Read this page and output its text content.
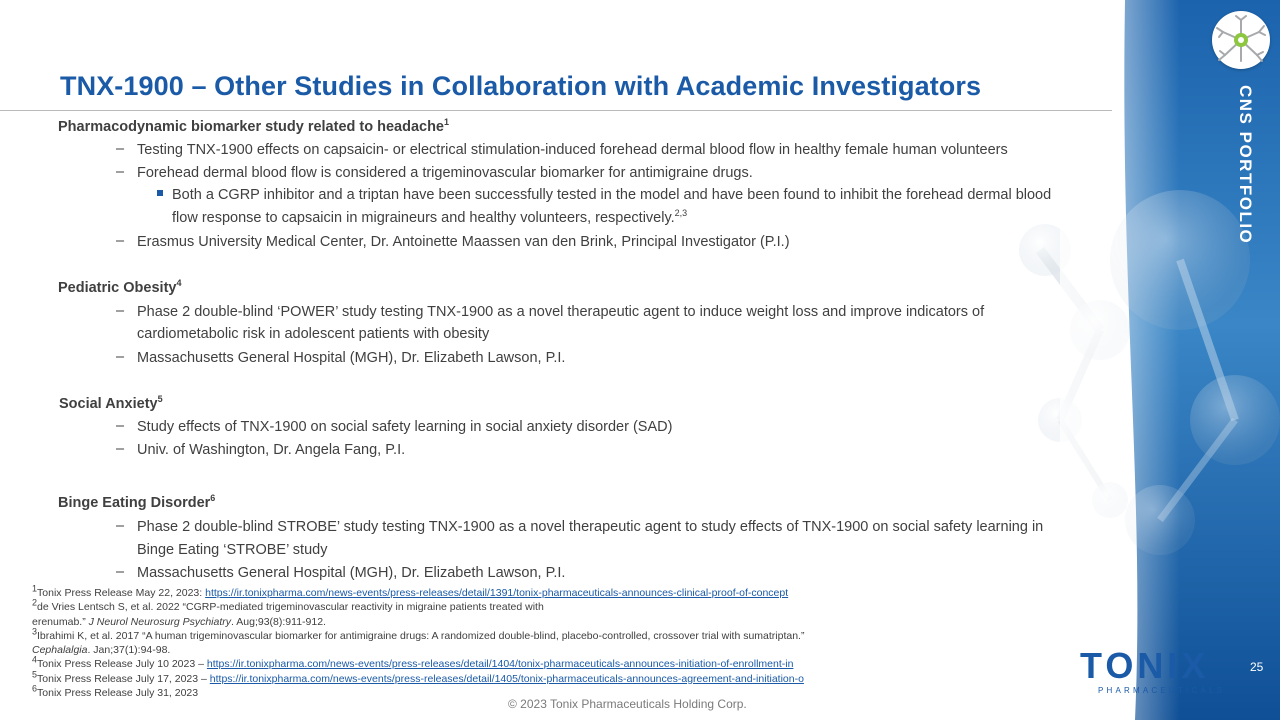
TNX-1900 – Other Studies in Collaboration with Academic Investigators	CNS PORTFOLIO
Pharmacodynamic biomarker study related to headache$^1$
– Testing TNX-1900 effects on capsaicin- or electrical stimulation-induced forehead dermal blood flow in healthy female human volunteers
– Forehead dermal blood flow is considered a trigeminovascular biomarker for antimigraine drugs.
Both a CGRP inhibitor and a triptan have been successfully tested in the model and have been found to inhibit the forehead dermal blood
flow response to capsaicin in migraineurs and healthy volunteers, respectively.$^{2,3}$
– Erasmus University Medical Center, Dr. Antoinette Maassen van den Brink, Principal Investigator (P.I.)
Pediatric Obesity$^4$
– Phase 2 double-blind ‘POWER’ study testing TNX-1900 as a novel therapeutic agent to induce weight loss and improve indicators of
cardiometabolic risk in adolescent patients with obesity
– Massachusetts General Hospital (MGH), Dr. Elizabeth Lawson, P.I.
Social Anxiety$^5$
– Study effects of TNX-1900 on social safety learning in social anxiety disorder (SAD)
– Univ. of Washington, Dr. Angela Fang, P.I.
Binge Eating Disorder$^6$
– Phase 2 double-blind STROBE’ study testing TNX-1900 as a novel therapeutic agent to study effects of TNX-1900 on social safety learning in
Binge Eating ‘STROBE’ study
– Massachusetts General Hospital (MGH), Dr. Elizabeth Lawson, P.I.
$^1$Tonix Press Release May 22, 2023: https://ir.tonixpharma.com/news-events/press-releases/detail/1391/tonix-pharmaceuticals-announces-clinical-proof-of-concept
$^2$de Vries Lentsch S, et al. 2022 “CGRP-mediated trigeminovascular reactivity in migraine patients treated with
erenumab.” J Neurol Neurosurg Psychiatry. Aug;93(8):911-912.
$^3$Ibrahimi K, et al. 2017 “A human trigeminovascular biomarker for antimigraine drugs: A randomized double-blind, placebo-controlled, crossover trial with sumatriptan.”
Cephalalgia. Jan;37(1):94-98.
$^4$Tonix Press Release July 10 2023 – https://ir.tonixpharma.com/news-events/press-releases/detail/1404/tonix-pharmaceuticals-announces-initiation-of-enrollment-in
$^5$Tonix Press Release July 17, 2023 – https://ir.tonixpharma.com/news-events/press-releases/detail/1405/tonix-pharmaceuticals-announces-agreement-and-initiation-o
$^6$Tonix Press Release July 31, 2023
© 2023 Tonix Pharmaceuticals Holding Corp.
TONIX
PHARMACEUTICALS
25
